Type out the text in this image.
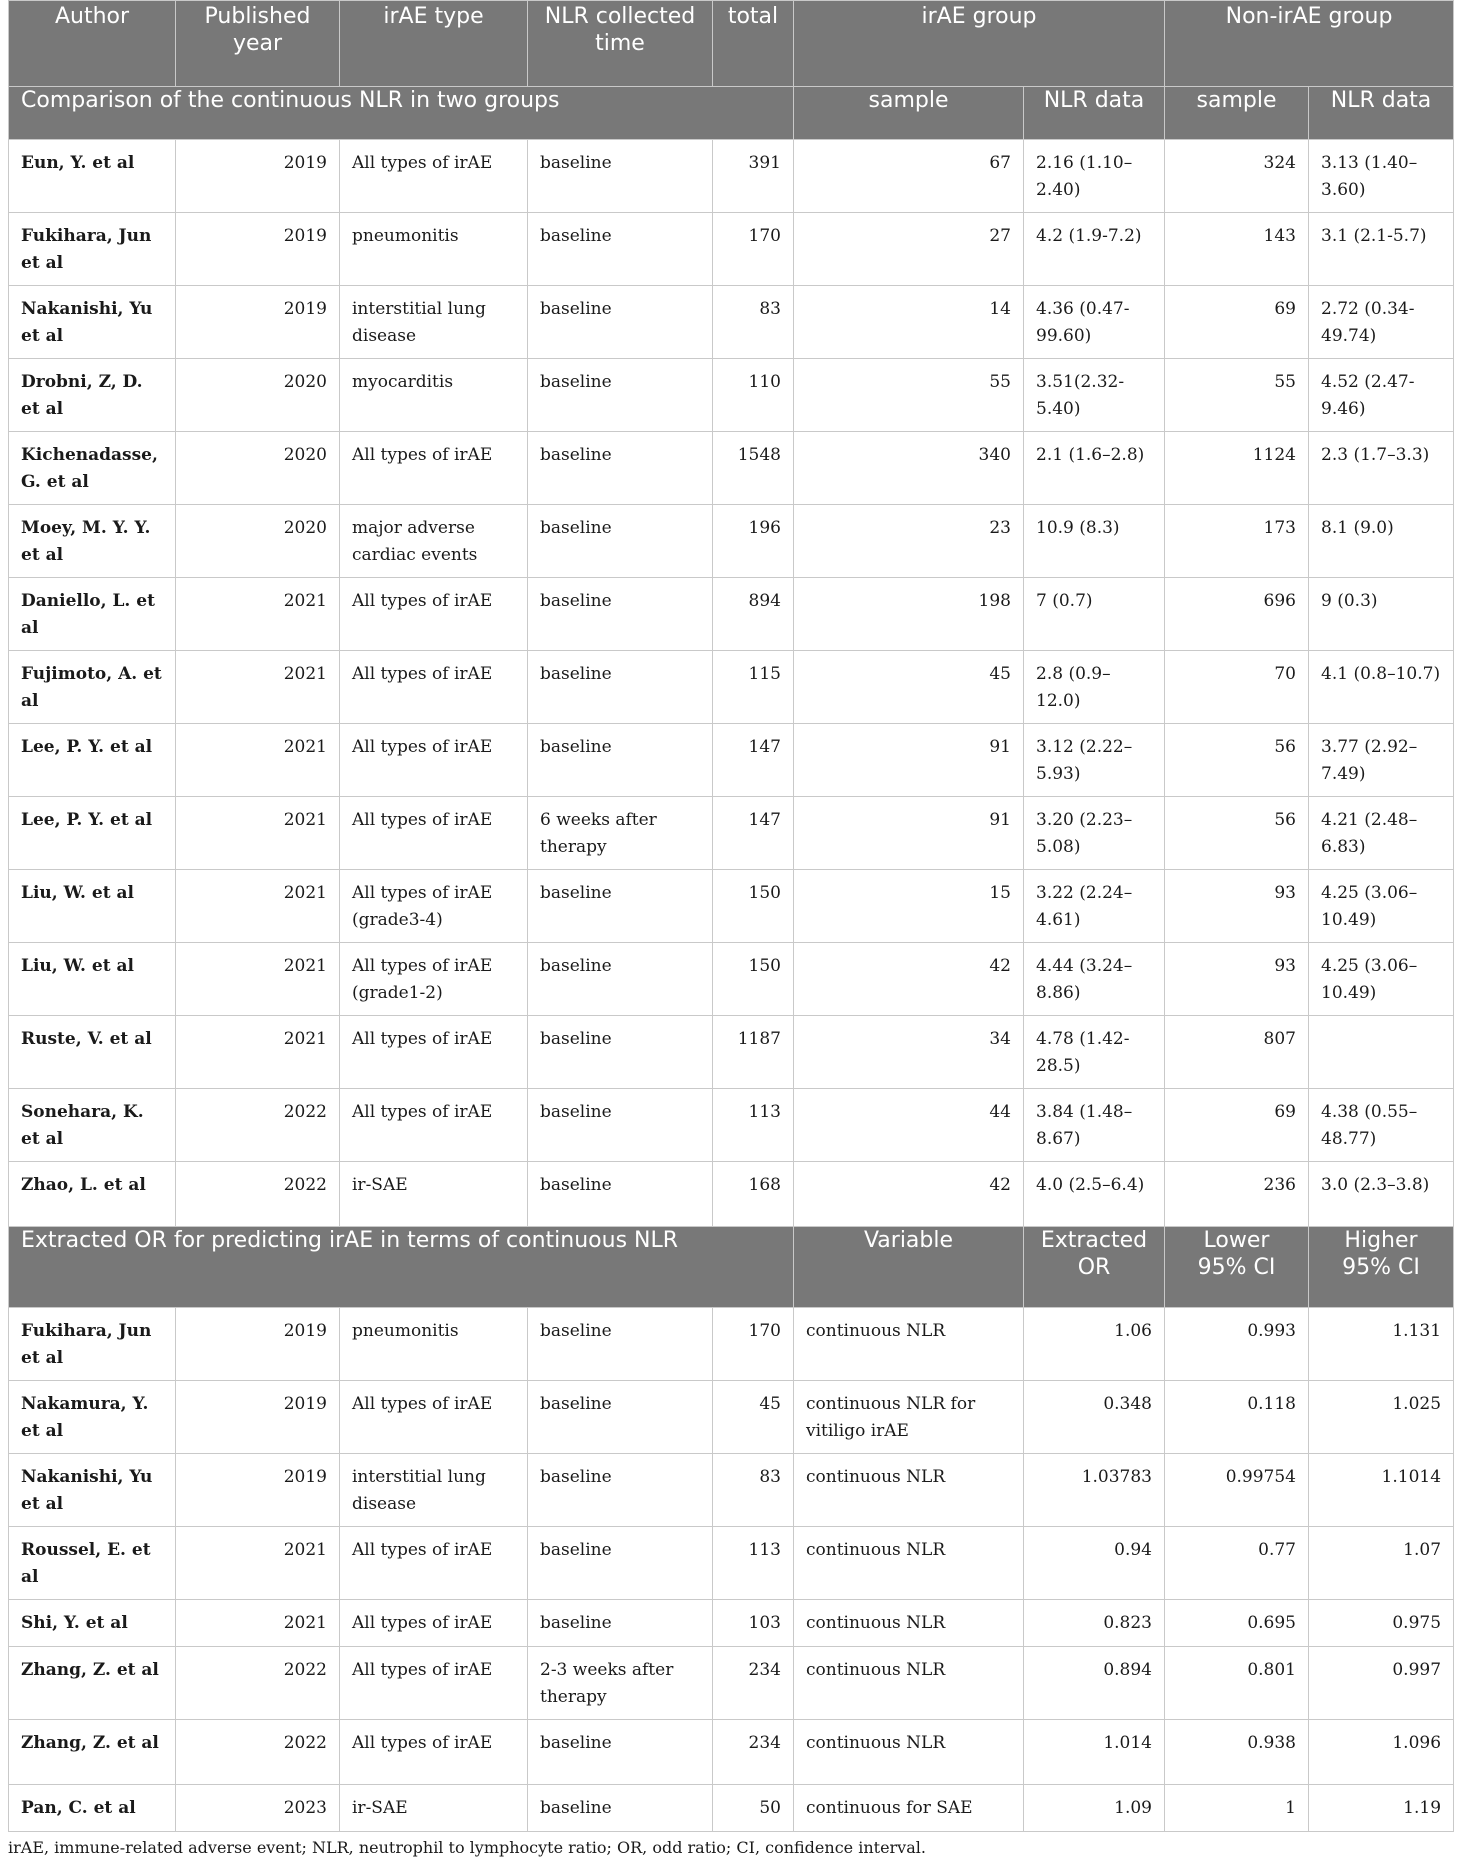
Author	Published year	irAE type	NLR collected time	total	irAE group		Non-irAE group	
Comparison of the continuous NLR in two groups					sample	NLR data	sample	NLR data
Eun, Y. et al	2019	All types of irAE	baseline	391	67	2.16 (1.10–2.40)	324	3.13 (1.40–3.60)
Fukihara, Jun et al	2019	pneumonitis	baseline	170	27	4.2 (1.9-7.2)	143	3.1 (2.1-5.7)
Nakanishi, Yu et al	2019	interstitial lung disease	baseline	83	14	4.36 (0.47-99.60)	69	2.72 (0.34-49.74)
Drobni, Z, D. et al	2020	myocarditis	baseline	110	55	3.51(2.32-5.40)	55	4.52 (2.47-9.46)
Kichenadasse, G. et al	2020	All types of irAE	baseline	1548	340	2.1 (1.6–2.8)	1124	2.3 (1.7–3.3)
Moey, M. Y. Y. et al	2020	major adverse cardiac events	baseline	196	23	10.9 (8.3)	173	8.1 (9.0)
Daniello, L. et al	2021	All types of irAE	baseline	894	198	7 (0.7)	696	9 (0.3)
Fujimoto, A. et al	2021	All types of irAE	baseline	115	45	2.8 (0.9–12.0)	70	4.1 (0.8–10.7)
Lee, P. Y. et al	2021	All types of irAE	baseline	147	91	3.12 (2.22–5.93)	56	3.77 (2.92–7.49)
Lee, P. Y. et al	2021	All types of irAE	6 weeks after therapy	147	91	3.20 (2.23–5.08)	56	4.21 (2.48–6.83)
Liu, W. et al	2021	All types of irAE (grade3-4)	baseline	150	15	3.22 (2.24–4.61)	93	4.25 (3.06–10.49)
Liu, W. et al	2021	All types of irAE (grade1-2)	baseline	150	42	4.44 (3.24–8.86)	93	4.25 (3.06–10.49)
Ruste, V. et al	2021	All types of irAE	baseline	1187	34	4.78 (1.42-28.5)	807	
Sonehara, K. et al	2022	All types of irAE	baseline	113	44	3.84 (1.48–8.67)	69	4.38 (0.55–48.77)
Zhao, L. et al	2022	ir-SAE	baseline	168	42	4.0 (2.5–6.4)	236	3.0 (2.3–3.8)
Extracted OR for predicting irAE in terms of continuous NLR					Variable	Extracted OR	Lower 95% CI	Higher 95% CI
Fukihara, Jun et al	2019	pneumonitis	baseline	170	continuous NLR	1.06	0.993	1.131
Nakamura, Y. et al	2019	All types of irAE	baseline	45	continuous NLR for vitiligo irAE	0.348	0.118	1.025
Nakanishi, Yu et al	2019	interstitial lung disease	baseline	83	continuous NLR	1.03783	0.99754	1.1014
Roussel, E. et al	2021	All types of irAE	baseline	113	continuous NLR	0.94	0.77	1.07
Shi, Y. et al	2021	All types of irAE	baseline	103	continuous NLR	0.823	0.695	0.975
Zhang, Z. et al	2022	All types of irAE	2-3 weeks after therapy	234	continuous NLR	0.894	0.801	0.997
Zhang, Z. et al	2022	All types of irAE	baseline	234	continuous NLR	1.014	0.938	1.096
Pan, C. et al	2023	ir-SAE	baseline	50	continuous for SAE	1.09	1	1.19
irAE, immune-related adverse event; NLR, neutrophil to lymphocyte ratio; OR, odd ratio; CI, confidence interval.
